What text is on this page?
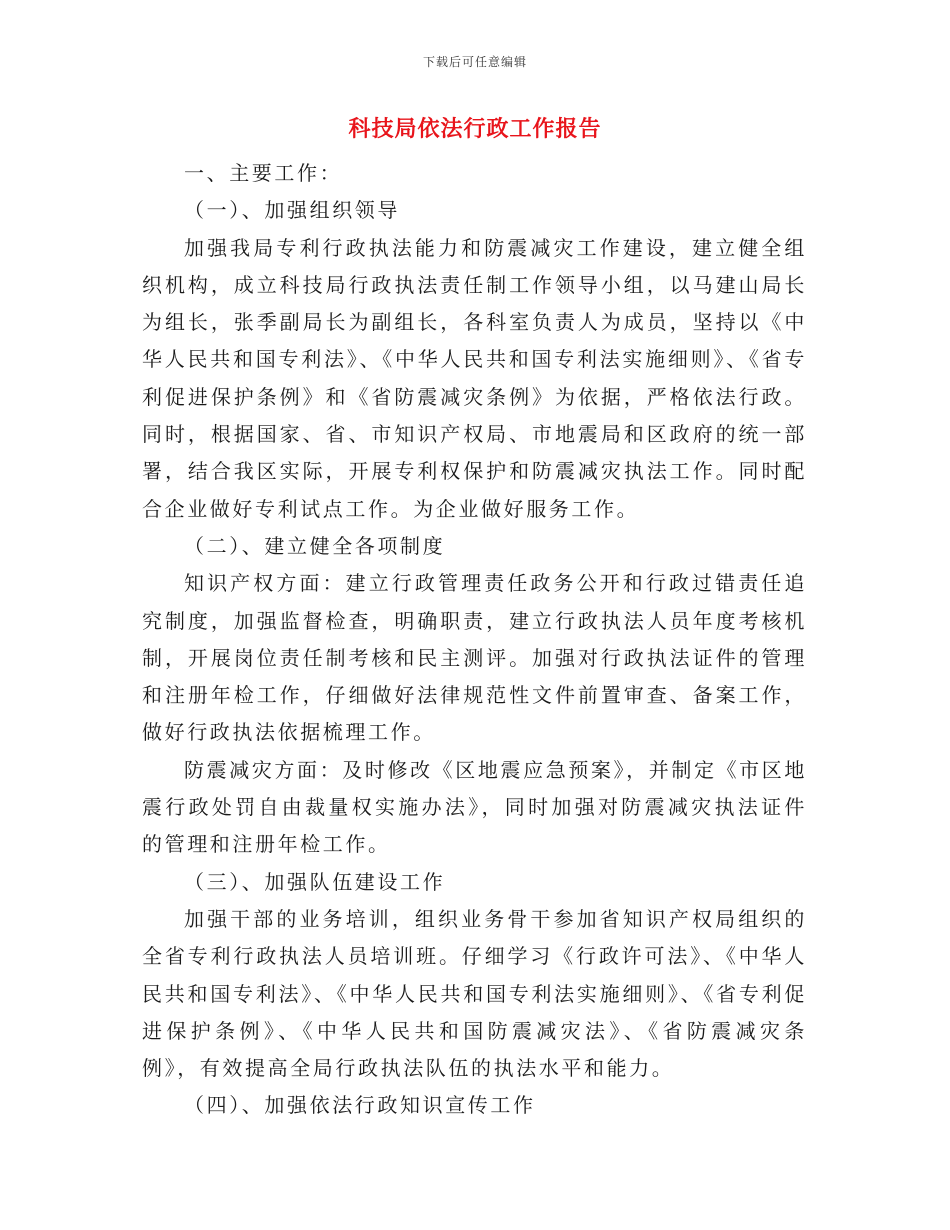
下载后可任意编辑
科技局依法行政工作报告

一、主要工作：

（一）、加强组织领导

加强我局专利行政执法能力和防震减灾工作建设，建立健全组织机构，成立科技局行政执法责任制工作领导小组，以马建山局长为组长，张季副局长为副组长，各科室负责人为成员，坚持以《中华人民共和国专利法》、《中华人民共和国专利法实施细则》、《省专利促进保护条例》和《省防震减灾条例》为依据，严格依法行政。同时，根据国家、省、市知识产权局、市地震局和区政府的统一部署，结合我区实际，开展专利权保护和防震减灾执法工作。同时配合企业做好专利试点工作。为企业做好服务工作。

（二）、建立健全各项制度

知识产权方面：建立行政管理责任政务公开和行政过错责任追究制度，加强监督检查，明确职责，建立行政执法人员年度考核机制，开展岗位责任制考核和民主测评。加强对行政执法证件的管理和注册年检工作，仔细做好法律规范性文件前置审查、备案工作，做好行政执法依据梳理工作。

防震减灾方面：及时修改《区地震应急预案》，并制定《市区地震行政处罚自由裁量权实施办法》，同时加强对防震减灾执法证件的管理和注册年检工作。

（三）、加强队伍建设工作

加强干部的业务培训，组织业务骨干参加省知识产权局组织的全省专利行政执法人员培训班。仔细学习《行政许可法》、《中华人民共和国专利法》、《中华人民共和国专利法实施细则》、《省专利促进保护条例》、《中华人民共和国防震减灾法》、《省防震减灾条例》，有效提高全局行政执法队伍的执法水平和能力。

（四）、加强依法行政知识宣传工作
